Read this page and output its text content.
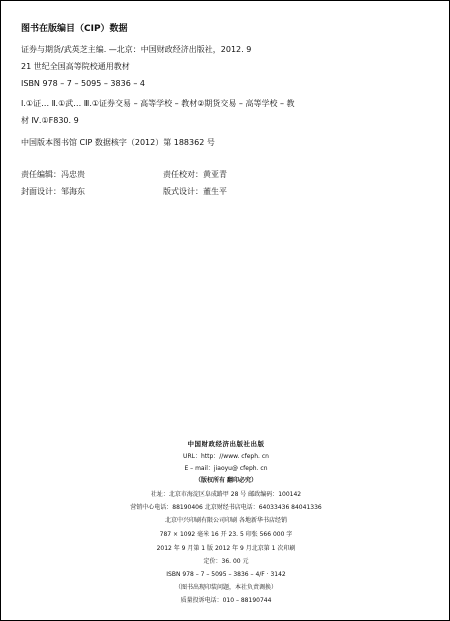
图书在版编目（CIP）数据
证券与期货/武英芝主编. —北京：中国财政经济出版社，2012. 9
21 世纪全国高等院校通用教材
ISBN 978 – 7 – 5095 – 3836 – 4
Ⅰ.①证… Ⅱ.①武… Ⅲ.①证券交易 – 高等学校 – 教材②期货交易 – 高等学校 – 教
材 Ⅳ.①F830. 9
中国版本图书馆 CIP 数据核字（2012）第 188362 号
责任编辑：冯忠贵	责任校对：黄亚青
封面设计：邹海东	版式设计：董生平
中国财政经济出版社出版
URL：http：//www. cfeph. cn
E – mail：jiaoyu@ cfeph. cn
（版权所有 翻印必究）
社址：北京市海淀区阜成路甲 28 号 邮政编码：100142
营销中心电话：88190406 北京财经书店电话：64033436 84041336
北京中兴印刷有限公司印刷 各地新华书店经销
787 × 1092 毫米 16 开 23. 5 印张 566 000 字
2012 年 9 月第 1 版 2012 年 9 月北京第 1 次印刷
定价：36. 00 元
ISBN 978 – 7 – 5095 – 3836 – 4/F · 3142
（图书出现印装问题，本社负责调换）
质量投诉电话：010 – 88190744
